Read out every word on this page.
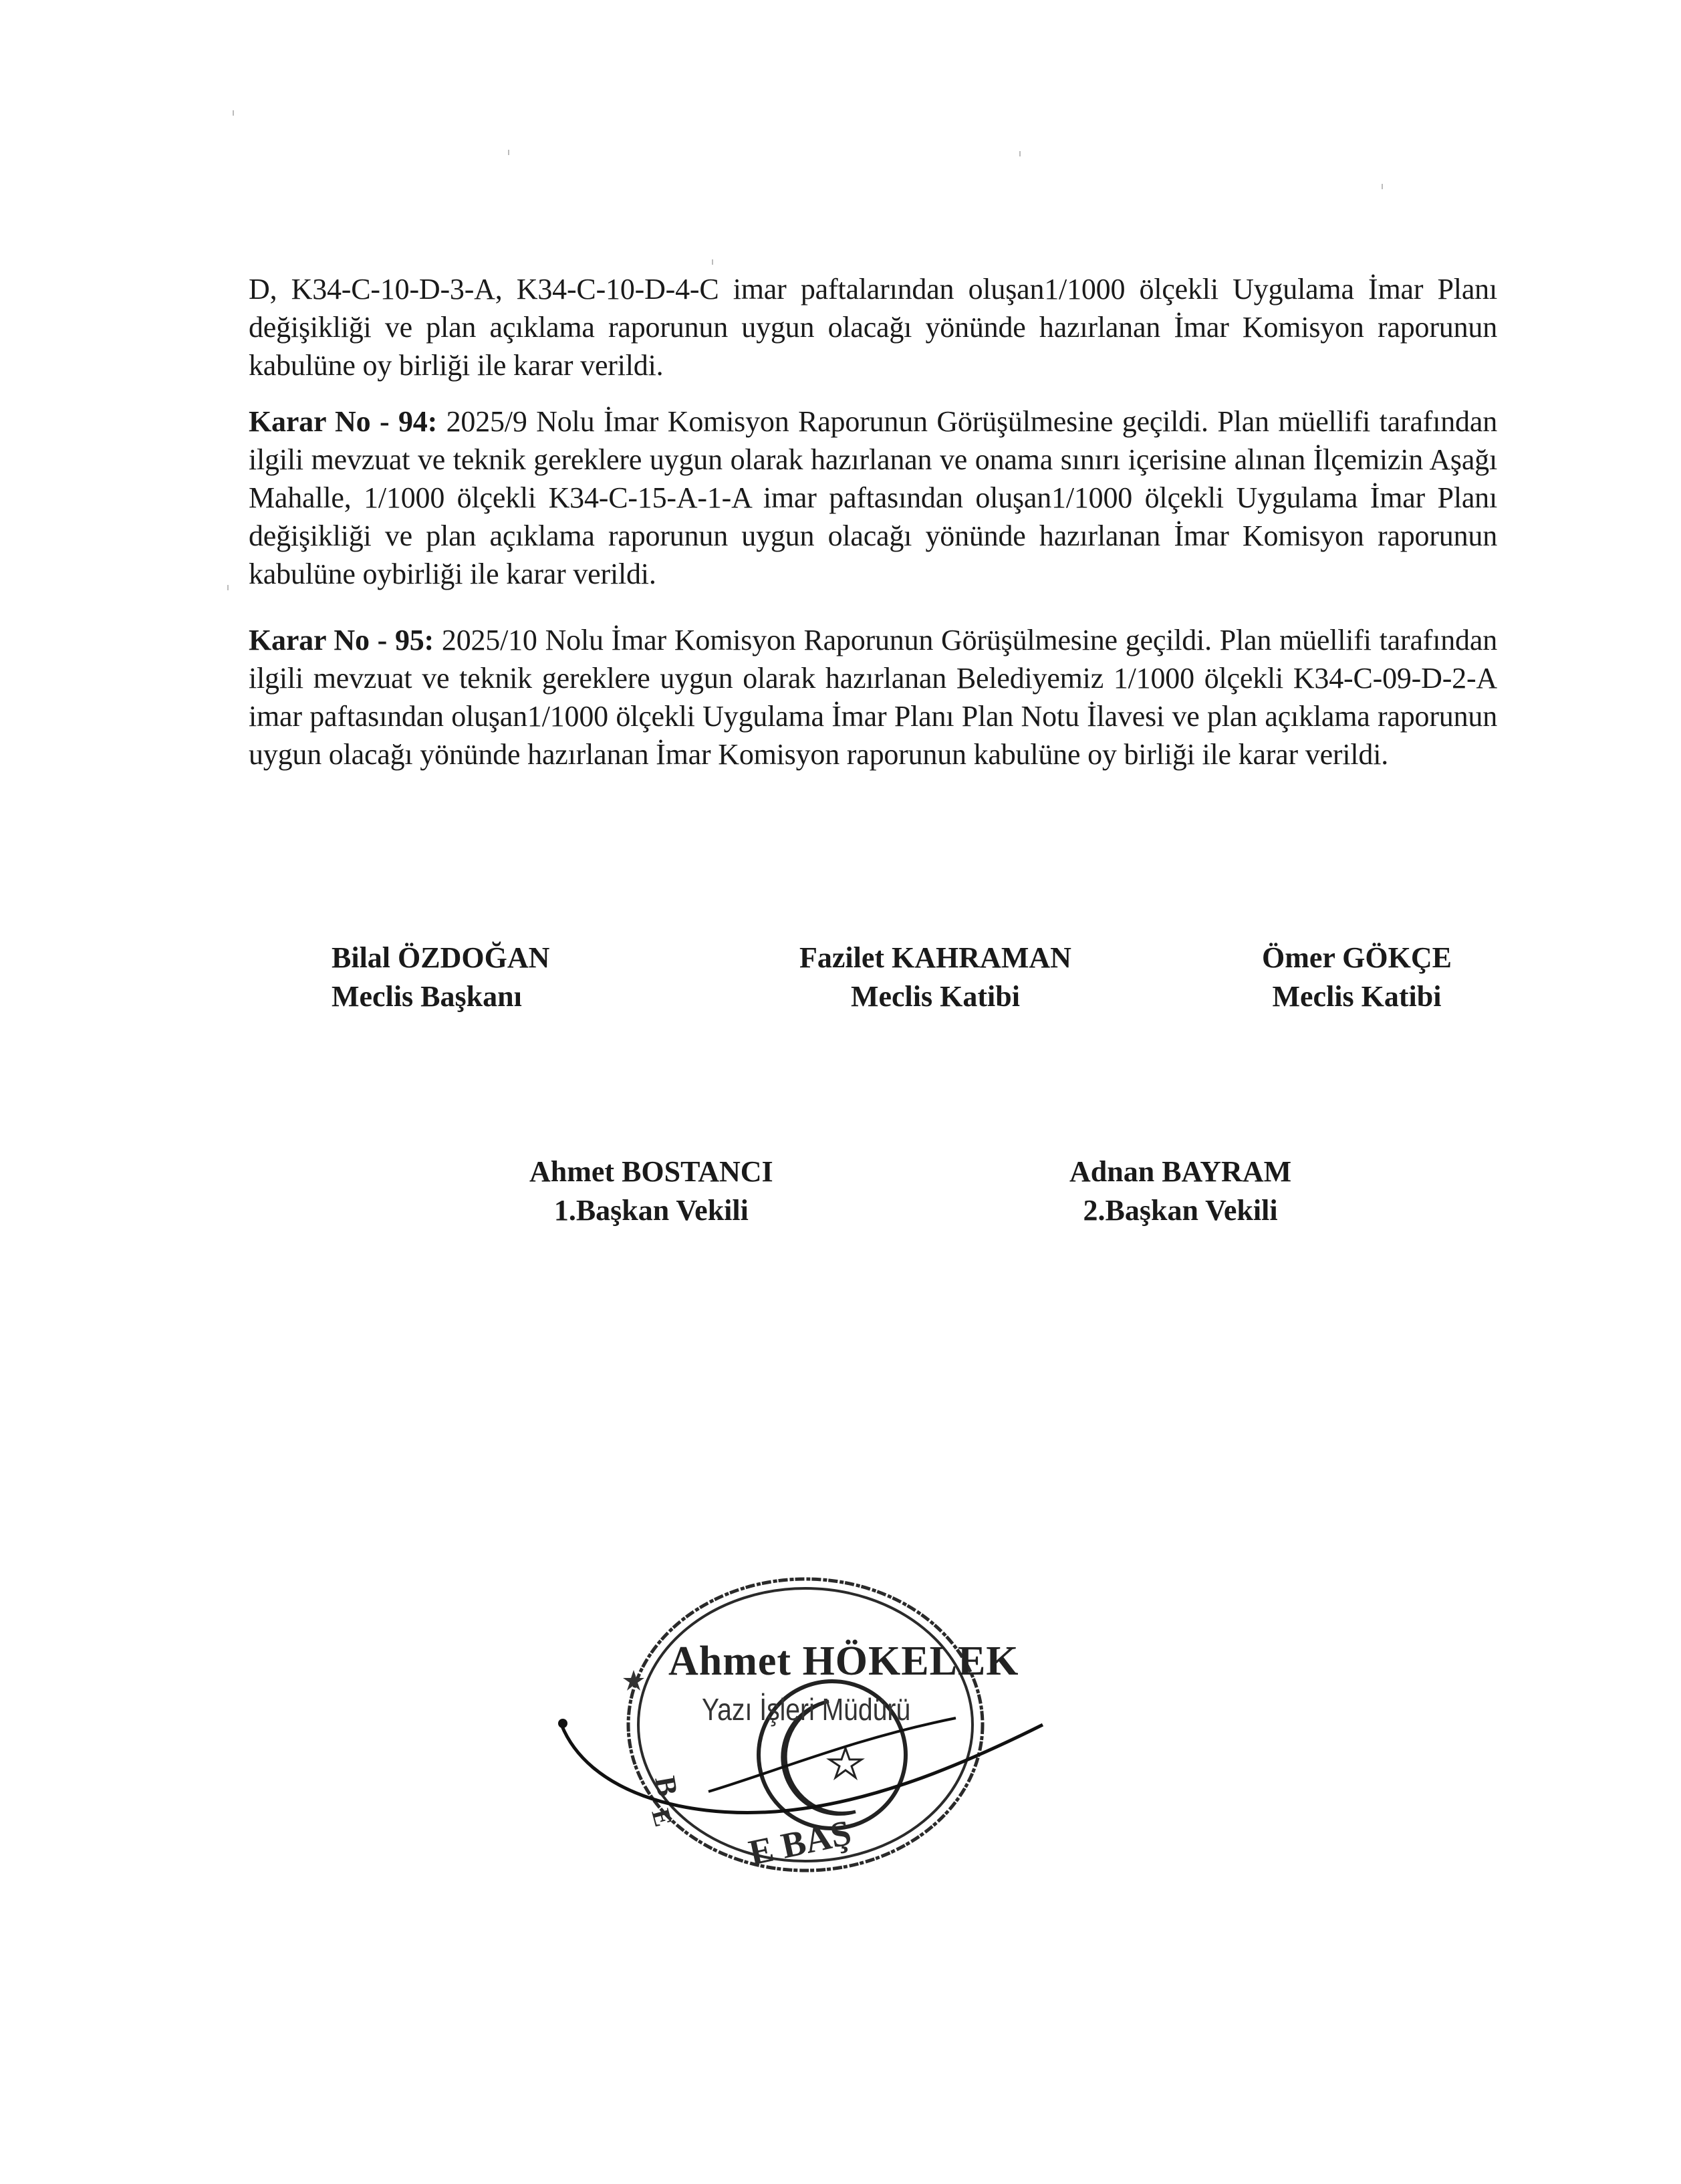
D, K34-C-10-D-3-A, K34-C-10-D-4-C imar paftalarından oluşan1/1000 ölçekli Uygulama İmar Planı değişikliği ve plan açıklama raporunun uygun olacağı yönünde hazırlanan İmar Komisyon raporunun kabulüne oy birliği ile karar verildi.

Karar No - 94: 2025/9 Nolu İmar Komisyon Raporunun Görüşülmesine geçildi. Plan müellifi tarafından ilgili mevzuat ve teknik gereklere uygun olarak hazırlanan ve onama sınırı içerisine alınan İlçemizin Aşağı Mahalle, 1/1000 ölçekli K34-C-15-A-1-A imar paftasından oluşan1/1000 ölçekli Uygulama İmar Planı değişikliği ve plan açıklama raporunun uygun olacağı yönünde hazırlanan İmar Komisyon raporunun kabulüne oybirliği ile karar verildi.

Karar No - 95: 2025/10 Nolu İmar Komisyon Raporunun Görüşülmesine geçildi. Plan müellifi tarafından ilgili mevzuat ve teknik gereklere uygun olarak hazırlanan Belediyemiz 1/1000 ölçekli K34-C-09-D-2-A imar paftasından oluşan1/1000 ölçekli Uygulama İmar Planı Plan Notu İlavesi ve plan açıklama raporunun uygun olacağı yönünde hazırlanan İmar Komisyon raporunun kabulüne oy birliği ile karar verildi.

Bilal ÖZDOĞAN
Meclis Başkanı
Fazilet KAHRAMAN
Meclis Katibi
Ömer GÖKÇE
Meclis Katibi
Ahmet BOSTANCI
1.Başkan Vekili
Adnan BAYRAM
2.Başkan Vekili
B
E E BAŞ
Ahmet HÖKELEK
Yazı İşleri Müdürü
